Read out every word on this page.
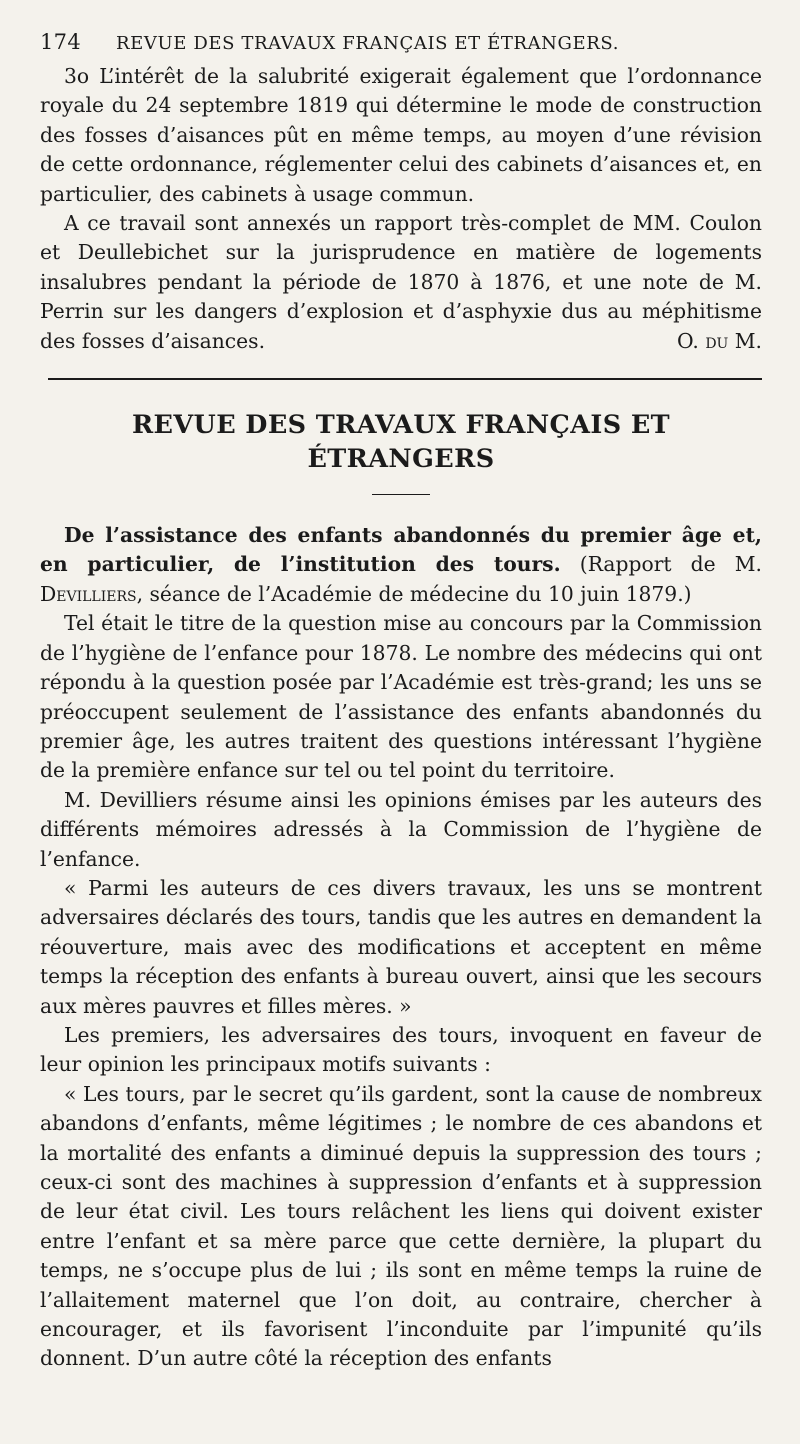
174	REVUE DES TRAVAUX FRANÇAIS ET ÉTRANGERS.

3o L’intérêt de la salubrité exigerait également que l’ordonnance royale du 24 septembre 1819 qui détermine le mode de construction des fosses d’aisances pût en même temps, au moyen d’une révision de cette ordonnance, réglementer celui des cabinets d’aisances et, en particulier, des cabinets à usage commun.

A ce travail sont annexés un rapport très-complet de MM. Coulon et Deullebichet sur la jurisprudence en matière de logements insalubres pendant la période de 1870 à 1876, et une note de M. Perrin sur les dangers d’explosion et d’asphyxie dus au méphitisme des fosses d’aisances.	O. du M.

REVUE DES TRAVAUX FRANÇAIS ET ÉTRANGERS

De l’assistance des enfants abandonnés du premier âge et, en particulier, de l’institution des tours. (Rapport de M. Devilliers, séance de l’Académie de médecine du 10 juin 1879.)

Tel était le titre de la question mise au concours par la Commission de l’hygiène de l’enfance pour 1878. Le nombre des médecins qui ont répondu à la question posée par l’Académie est très-grand; les uns se préoccupent seulement de l’assistance des enfants abandonnés du premier âge, les autres traitent des questions intéressant l’hygiène de la première enfance sur tel ou tel point du territoire.

M. Devilliers résume ainsi les opinions émises par les auteurs des différents mémoires adressés à la Commission de l’hygiène de l’enfance.

« Parmi les auteurs de ces divers travaux, les uns se montrent adversaires déclarés des tours, tandis que les autres en demandent la réouverture, mais avec des modifications et acceptent en même temps la réception des enfants à bureau ouvert, ainsi que les secours aux mères pauvres et filles mères. »

Les premiers, les adversaires des tours, invoquent en faveur de leur opinion les principaux motifs suivants :

« Les tours, par le secret qu’ils gardent, sont la cause de nombreux abandons d’enfants, même légitimes ; le nombre de ces abandons et la mortalité des enfants a diminué depuis la suppression des tours ; ceux-ci sont des machines à suppression d’enfants et à suppression de leur état civil. Les tours relâchent les liens qui doivent exister entre l’enfant et sa mère parce que cette dernière, la plupart du temps, ne s’occupe plus de lui ; ils sont en même temps la ruine de l’allaitement maternel que l’on doit, au contraire, chercher à encourager, et ils favorisent l’inconduite par l’impunité qu’ils donnent. D’un autre côté la réception des enfants
